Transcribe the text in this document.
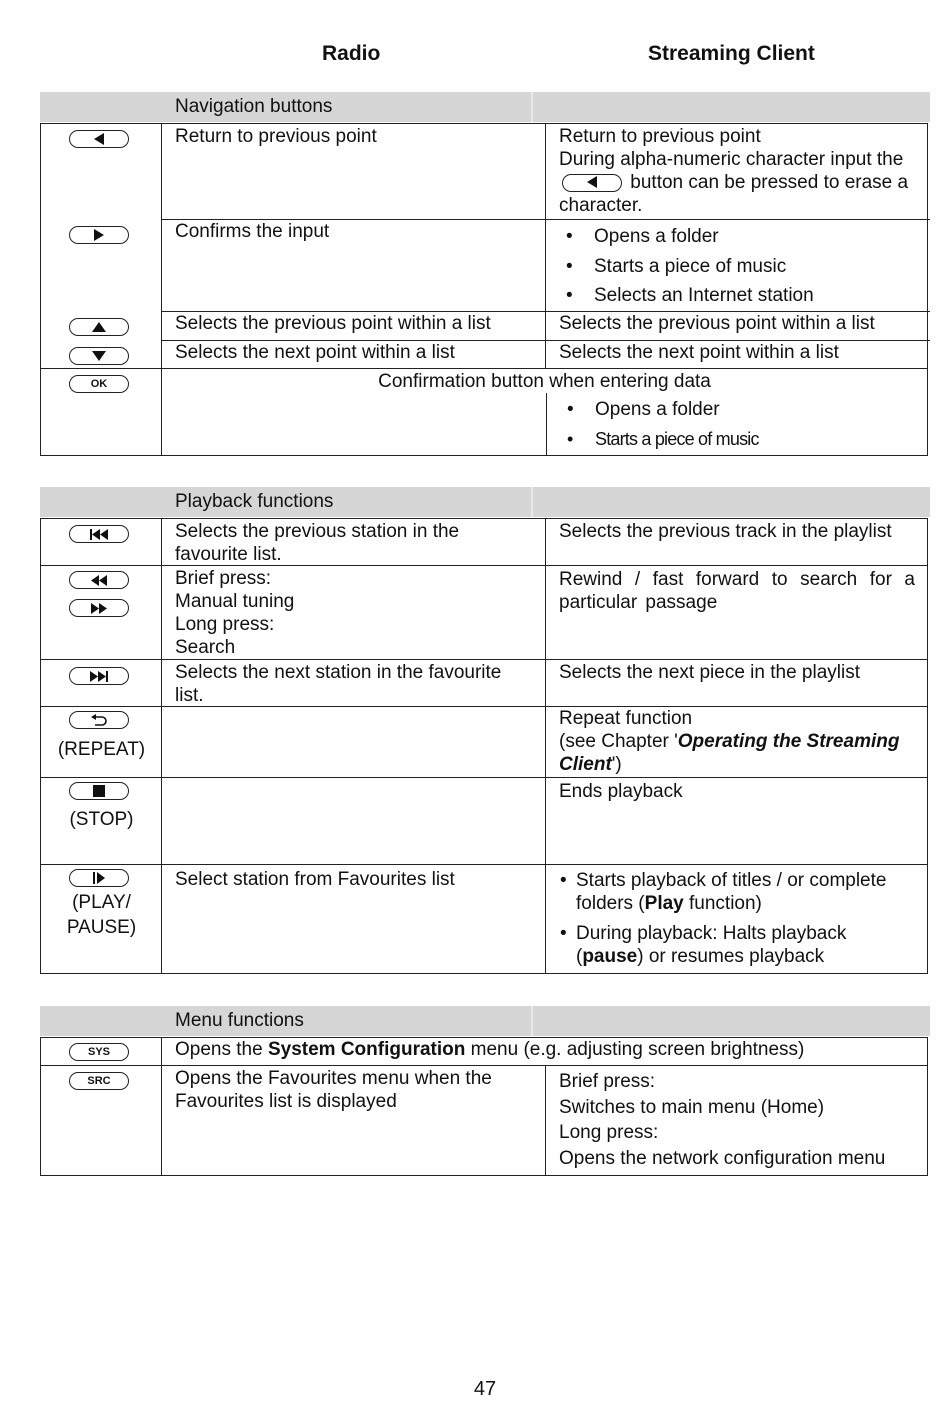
Radio	Streaming Client
Navigation buttons
Return to previous point
Confirms the input
Selects the previous point within a list
Selects the next point within a list
Return to previous point
During alpha-numeric character input the  button can be pressed to erase a character.
• Opens a folder
• Starts a piece of music
• Selects an Internet station
Selects the previous point within a list
Selects the next point within a list
OK	Confirmation button when entering data
• Opens a folder
• Starts a piece of music
Playback functions
Selects the previous station in the favourite list.
Selects the previous track in the playlist
Brief press:
Manual tuning
Long press:
Search
Rewind / fast forward to search for a particular passage
Selects the next station in the favourite list.
Selects the next piece in the playlist
(REPEAT)
Repeat function
(see Chapter 'Operating the Streaming Client')
(STOP)
Ends playback
(PLAY/
PAUSE)
Select station from Favourites list
•	Starts playback of titles / or complete folders (Play function)
• During playback: Halts playback (pause) or resumes playback
Menu functions
SYS	Opens the System Configuration menu (e.g. adjusting screen brightness)
SRC	Opens the Favourites menu when the Favourites list is displayed
Brief press:
Switches to main menu (Home)
Long press:
Opens the network configuration menu
47
